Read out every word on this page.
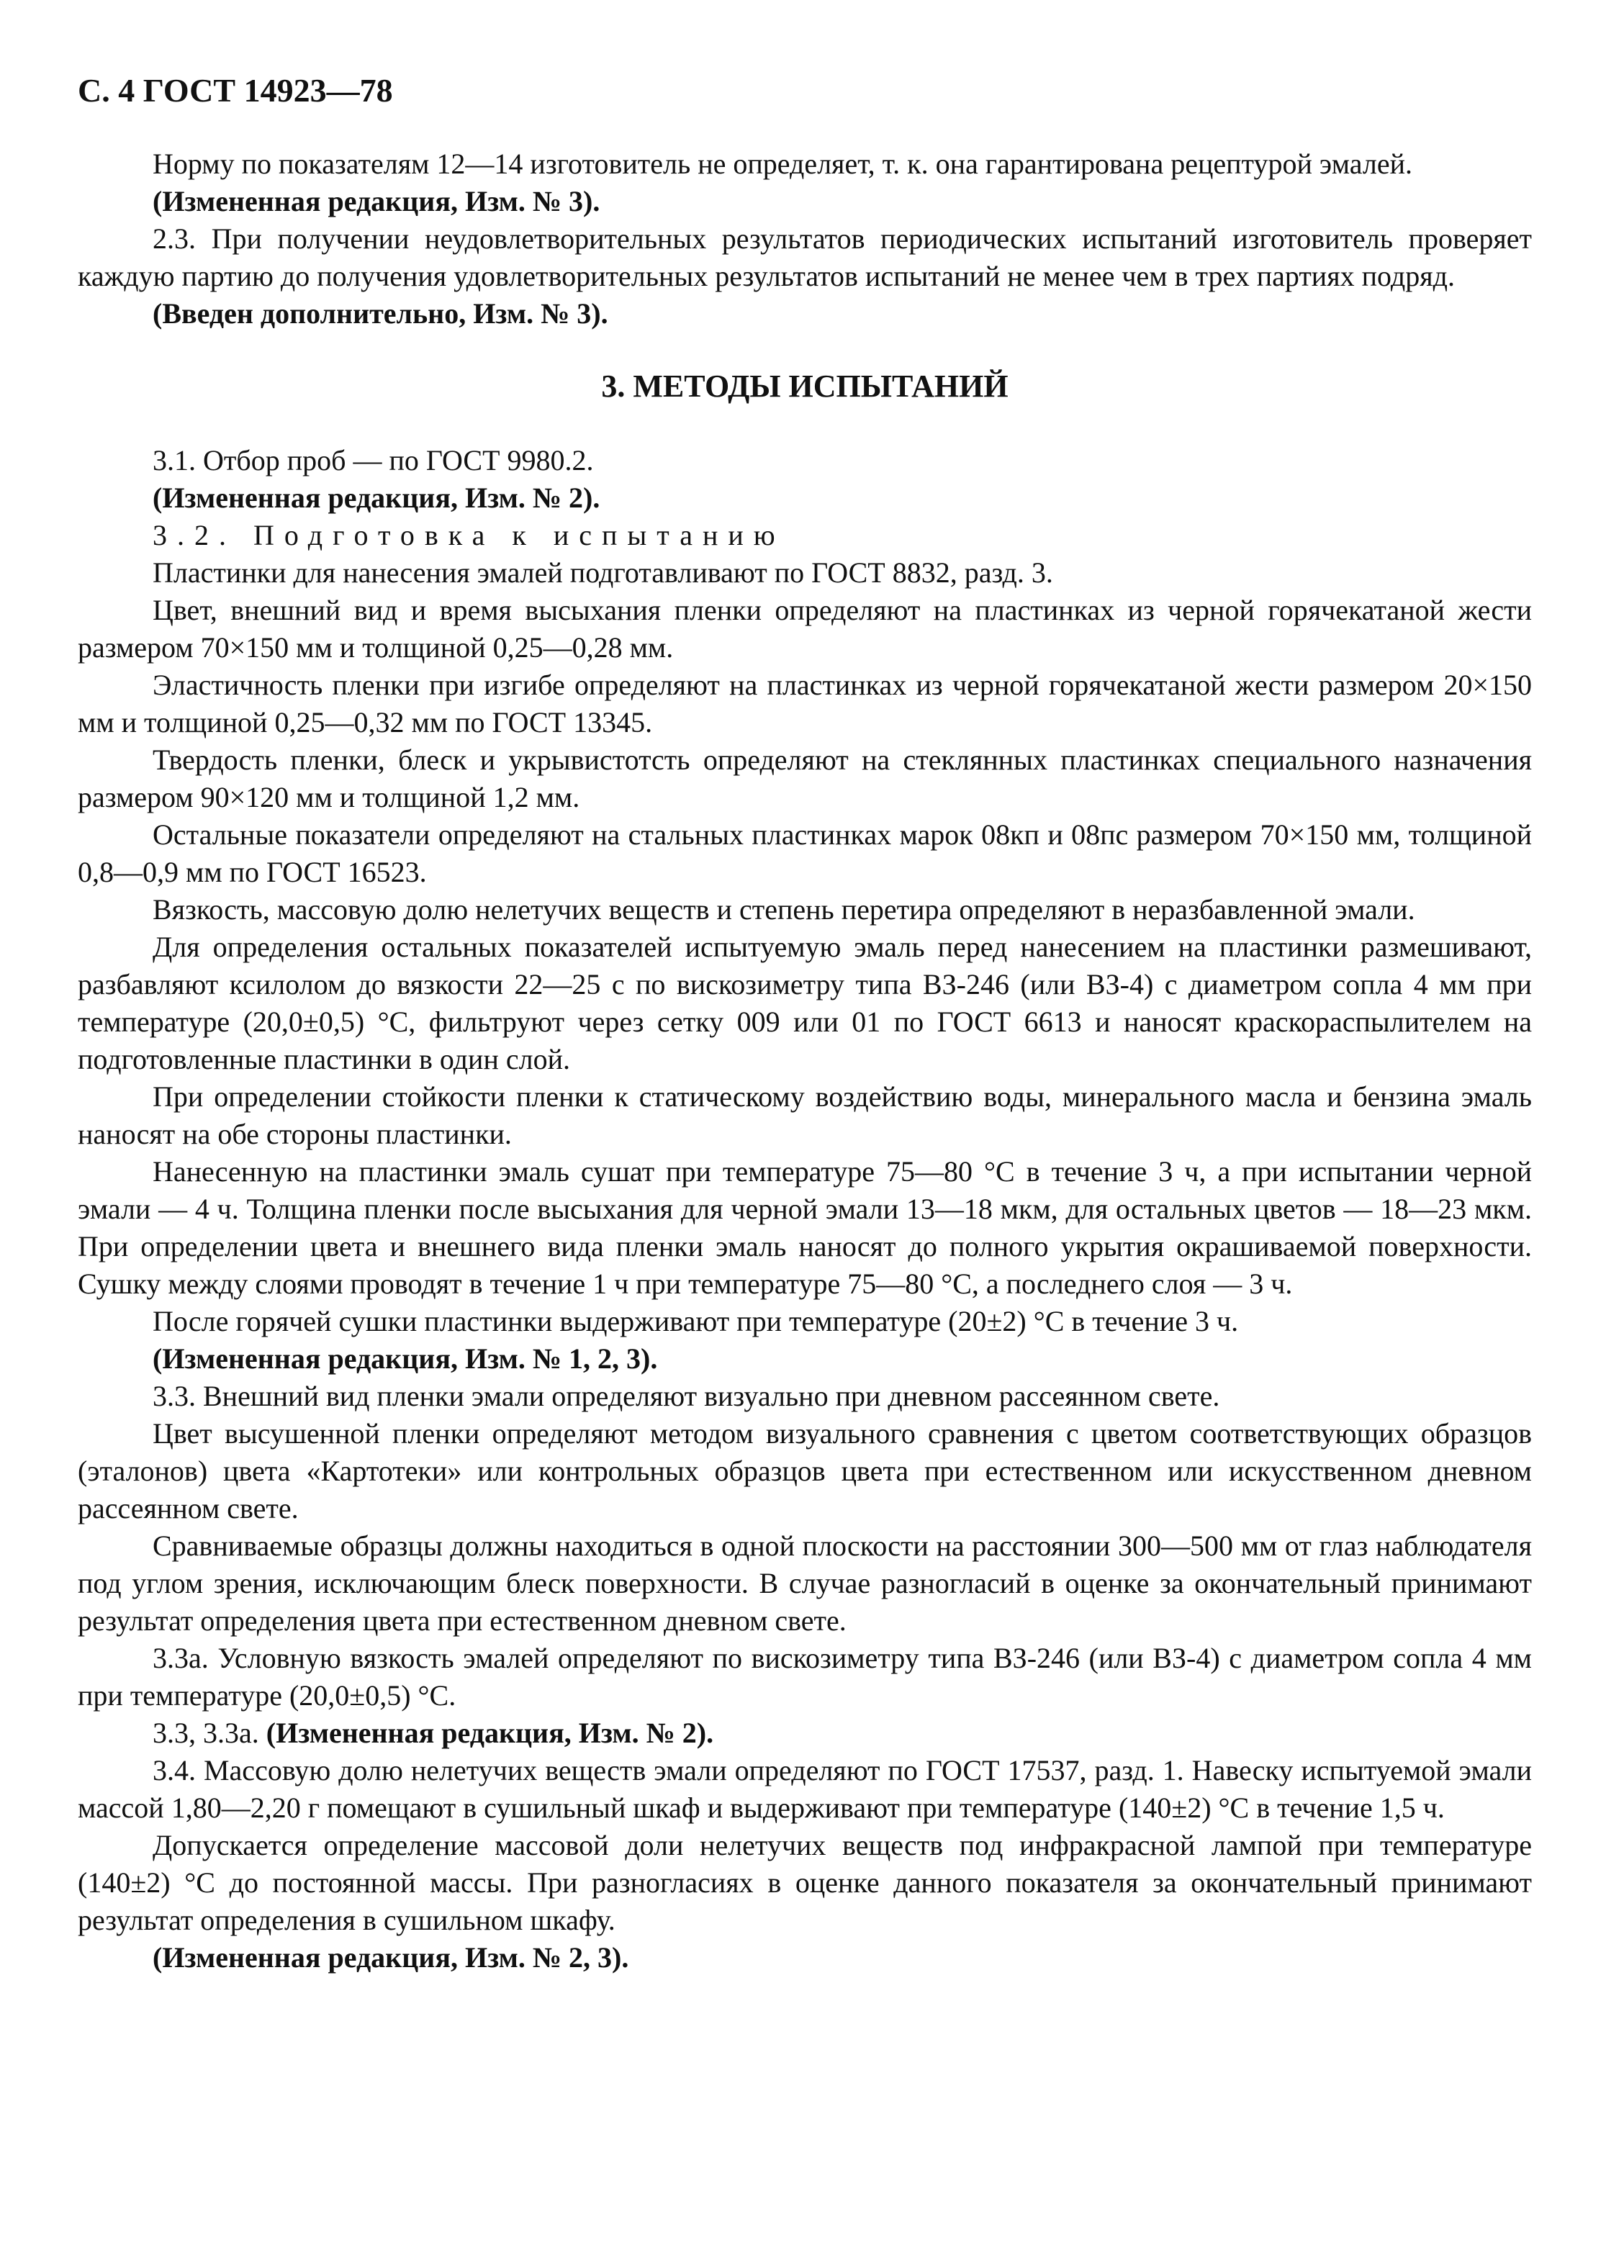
С. 4 ГОСТ 14923—78

Норму по показателям 12—14 изготовитель не определяет, т. к. она гарантирована рецептурой эмалей.

(Измененная редакция, Изм. № 3).

2.3. При получении неудовлетворительных результатов периодических испытаний изготовитель проверяет каждую партию до получения удовлетворительных результатов испытаний не менее чем в трех партиях подряд.

(Введен дополнительно, Изм. № 3).

3. МЕТОДЫ ИСПЫТАНИЙ

3.1. Отбор проб — по ГОСТ 9980.2.

(Измененная редакция, Изм. № 2).

3.2. Подготовка к испытанию

Пластинки для нанесения эмалей подготавливают по ГОСТ 8832, разд. 3.

Цвет, внешний вид и время высыхания пленки определяют на пластинках из черной горячекатаной жести размером 70×150 мм и толщиной 0,25—0,28 мм.

Эластичность пленки при изгибе определяют на пластинках из черной горячекатаной жести размером 20×150 мм и толщиной 0,25—0,32 мм по ГОСТ 13345.

Твердость пленки, блеск и укрывистотсть определяют на стеклянных пластинках специального назначения размером 90×120 мм и толщиной 1,2 мм.

Остальные показатели определяют на стальных пластинках марок 08кп и 08пс размером 70×150 мм, толщиной 0,8—0,9 мм по ГОСТ 16523.

Вязкость, массовую долю нелетучих веществ и степень перетира определяют в неразбавленной эмали.

Для определения остальных показателей испытуемую эмаль перед нанесением на пластинки размешивают, разбавляют ксилолом до вязкости 22—25 с по вискозиметру типа ВЗ-246 (или ВЗ-4) с диаметром сопла 4 мм при температуре (20,0±0,5) °С, фильтруют через сетку 009 или 01 по ГОСТ 6613 и наносят краскораспылителем на подготовленные пластинки в один слой.

При определении стойкости пленки к статическому воздействию воды, минерального масла и бензина эмаль наносят на обе стороны пластинки.

Нанесенную на пластинки эмаль сушат при температуре 75—80 °С в течение 3 ч, а при испытании черной эмали — 4 ч. Толщина пленки после высыхания для черной эмали 13—18 мкм, для остальных цветов — 18—23 мкм. При определении цвета и внешнего вида пленки эмаль наносят до полного укрытия окрашиваемой поверхности. Сушку между слоями проводят в течение 1 ч при температуре 75—80 °С, а последнего слоя — 3 ч.

После горячей сушки пластинки выдерживают при температуре (20±2) °С в течение 3 ч.

(Измененная редакция, Изм. № 1, 2, 3).

3.3. Внешний вид пленки эмали определяют визуально при дневном рассеянном свете.

Цвет высушенной пленки определяют методом визуального сравнения с цветом соответствующих образцов (эталонов) цвета «Картотеки» или контрольных образцов цвета при естественном или искусственном дневном рассеянном свете.

Сравниваемые образцы должны находиться в одной плоскости на расстоянии 300—500 мм от глаз наблюдателя под углом зрения, исключающим блеск поверхности. В случае разногласий в оценке за окончательный принимают результат определения цвета при естественном дневном свете.

3.3а. Условную вязкость эмалей определяют по вискозиметру типа ВЗ-246 (или ВЗ-4) с диаметром сопла 4 мм при температуре (20,0±0,5) °С.

3.3, 3.3а. (Измененная редакция, Изм. № 2).

3.4. Массовую долю нелетучих веществ эмали определяют по ГОСТ 17537, разд. 1. Навеску испытуемой эмали массой 1,80—2,20 г помещают в сушильный шкаф и выдерживают при температуре (140±2) °С в течение 1,5 ч.

Допускается определение массовой доли нелетучих веществ под инфракрасной лампой при температуре (140±2) °С до постоянной массы. При разногласиях в оценке данного показателя за окончательный принимают результат определения в сушильном шкафу.

(Измененная редакция, Изм. № 2, 3).
